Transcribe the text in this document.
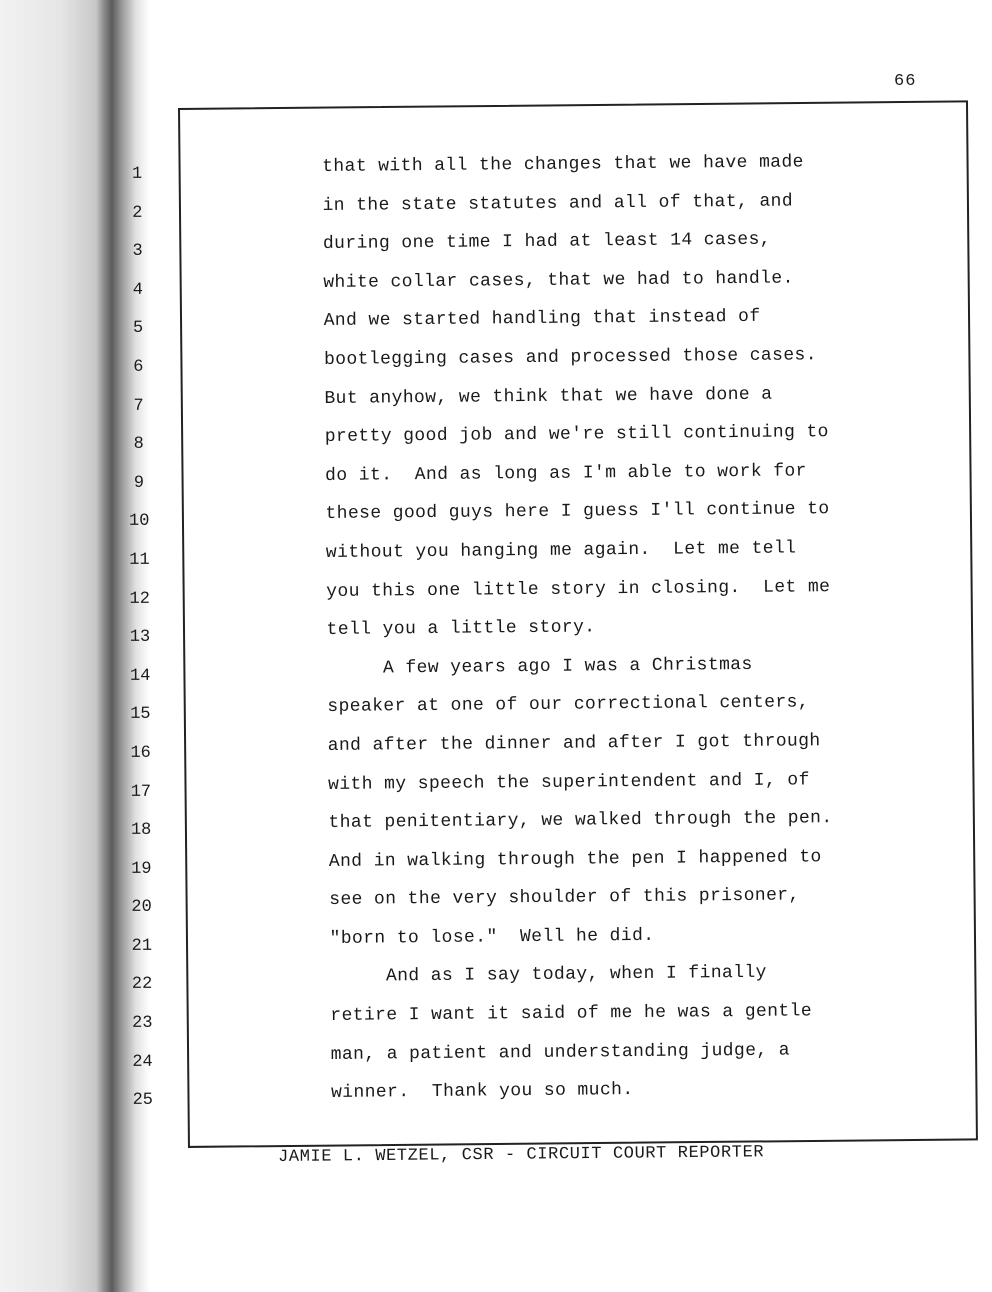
66
1
2
3
4
5
6
7
8
9
10
11
12
13
14
15
16
17
18
19
20
21
22
23
24
25
that with all the changes that we have made
in the state statutes and all of that, and
during one time I had at least 14 cases,
white collar cases, that we had to handle.
And we started handling that instead of
bootlegging cases and processed those cases.
But anyhow, we think that we have done a
pretty good job and we're still continuing to
do it.  And as long as I'm able to work for
these good guys here I guess I'll continue to
without you hanging me again.  Let me tell
you this one little story in closing.  Let me
tell you a little story.
A few years ago I was a Christmas
speaker at one of our correctional centers,
and after the dinner and after I got through
with my speech the superintendent and I, of
that penitentiary, we walked through the pen.
And in walking through the pen I happened to
see on the very shoulder of this prisoner,
"born to lose."  Well he did.
And as I say today, when I finally
retire I want it said of me he was a gentle
man, a patient and understanding judge, a
winner.  Thank you so much.
JAMIE L. WETZEL, CSR - CIRCUIT COURT REPORTER
